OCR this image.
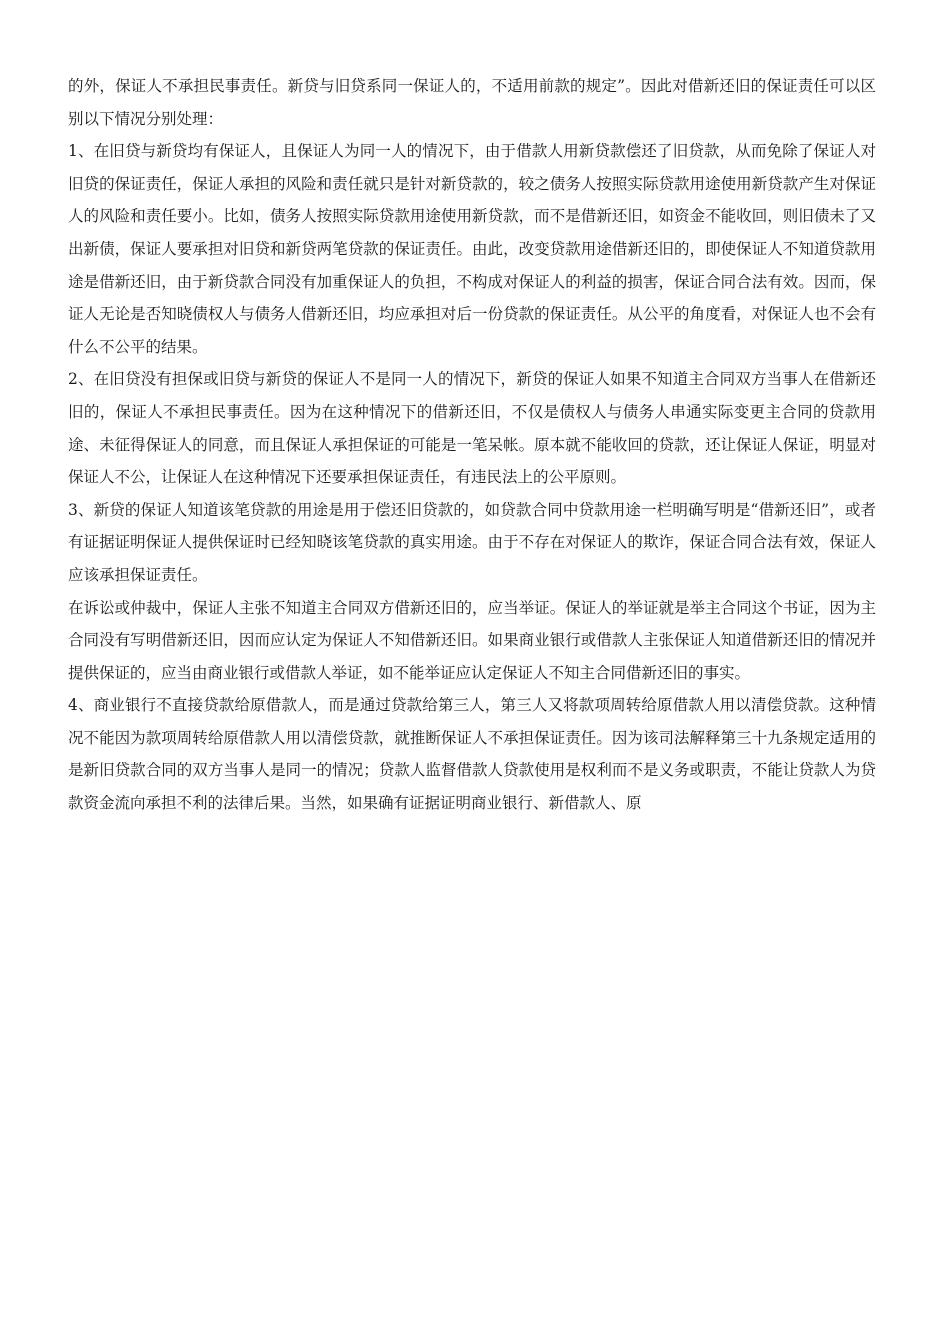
的外，保证人不承担民事责任。新贷与旧贷系同一保证人的，不适用前款的规定”。因此对借新还旧的保证责任可以区别以下情况分别处理：

1、在旧贷与新贷均有保证人，且保证人为同一人的情况下，由于借款人用新贷款偿还了旧贷款，从而免除了保证人对旧贷的保证责任，保证人承担的风险和责任就只是针对新贷款的，较之债务人按照实际贷款用途使用新贷款产生对保证人的风险和责任要小。比如，债务人按照实际贷款用途使用新贷款，而不是借新还旧，如资金不能收回，则旧债未了又出新债，保证人要承担对旧贷和新贷两笔贷款的保证责任。由此，改变贷款用途借新还旧的，即使保证人不知道贷款用途是借新还旧，由于新贷款合同没有加重保证人的负担，不构成对保证人的利益的损害，保证合同合法有效。因而，保证人无论是否知晓债权人与债务人借新还旧，均应承担对后一份贷款的保证责任。从公平的角度看，对保证人也不会有什么不公平的结果。

2、在旧贷没有担保或旧贷与新贷的保证人不是同一人的情况下，新贷的保证人如果不知道主合同双方当事人在借新还旧的，保证人不承担民事责任。因为在这种情况下的借新还旧，不仅是债权人与债务人串通实际变更主合同的贷款用途、未征得保证人的同意，而且保证人承担保证的可能是一笔呆帐。原本就不能收回的贷款，还让保证人保证，明显对保证人不公，让保证人在这种情况下还要承担保证责任，有违民法上的公平原则。

3、新贷的保证人知道该笔贷款的用途是用于偿还旧贷款的，如贷款合同中贷款用途一栏明确写明是“借新还旧”，或者有证据证明保证人提供保证时已经知晓该笔贷款的真实用途。由于不存在对保证人的欺诈，保证合同合法有效，保证人应该承担保证责任。

在诉讼或仲裁中，保证人主张不知道主合同双方借新还旧的，应当举证。保证人的举证就是举主合同这个书证，因为主合同没有写明借新还旧，因而应认定为保证人不知借新还旧。如果商业银行或借款人主张保证人知道借新还旧的情况并提供保证的，应当由商业银行或借款人举证，如不能举证应认定保证人不知主合同借新还旧的事实。

4、商业银行不直接贷款给原借款人，而是通过贷款给第三人，第三人又将款项周转给原借款人用以清偿贷款。这种情况不能因为款项周转给原借款人用以清偿贷款，就推断保证人不承担保证责任。因为该司法解释第三十九条规定适用的是新旧贷款合同的双方当事人是同一的情况；贷款人监督借款人贷款使用是权利而不是义务或职责，不能让贷款人为贷款资金流向承担不利的法律后果。当然，如果确有证据证明商业银行、新借款人、原
